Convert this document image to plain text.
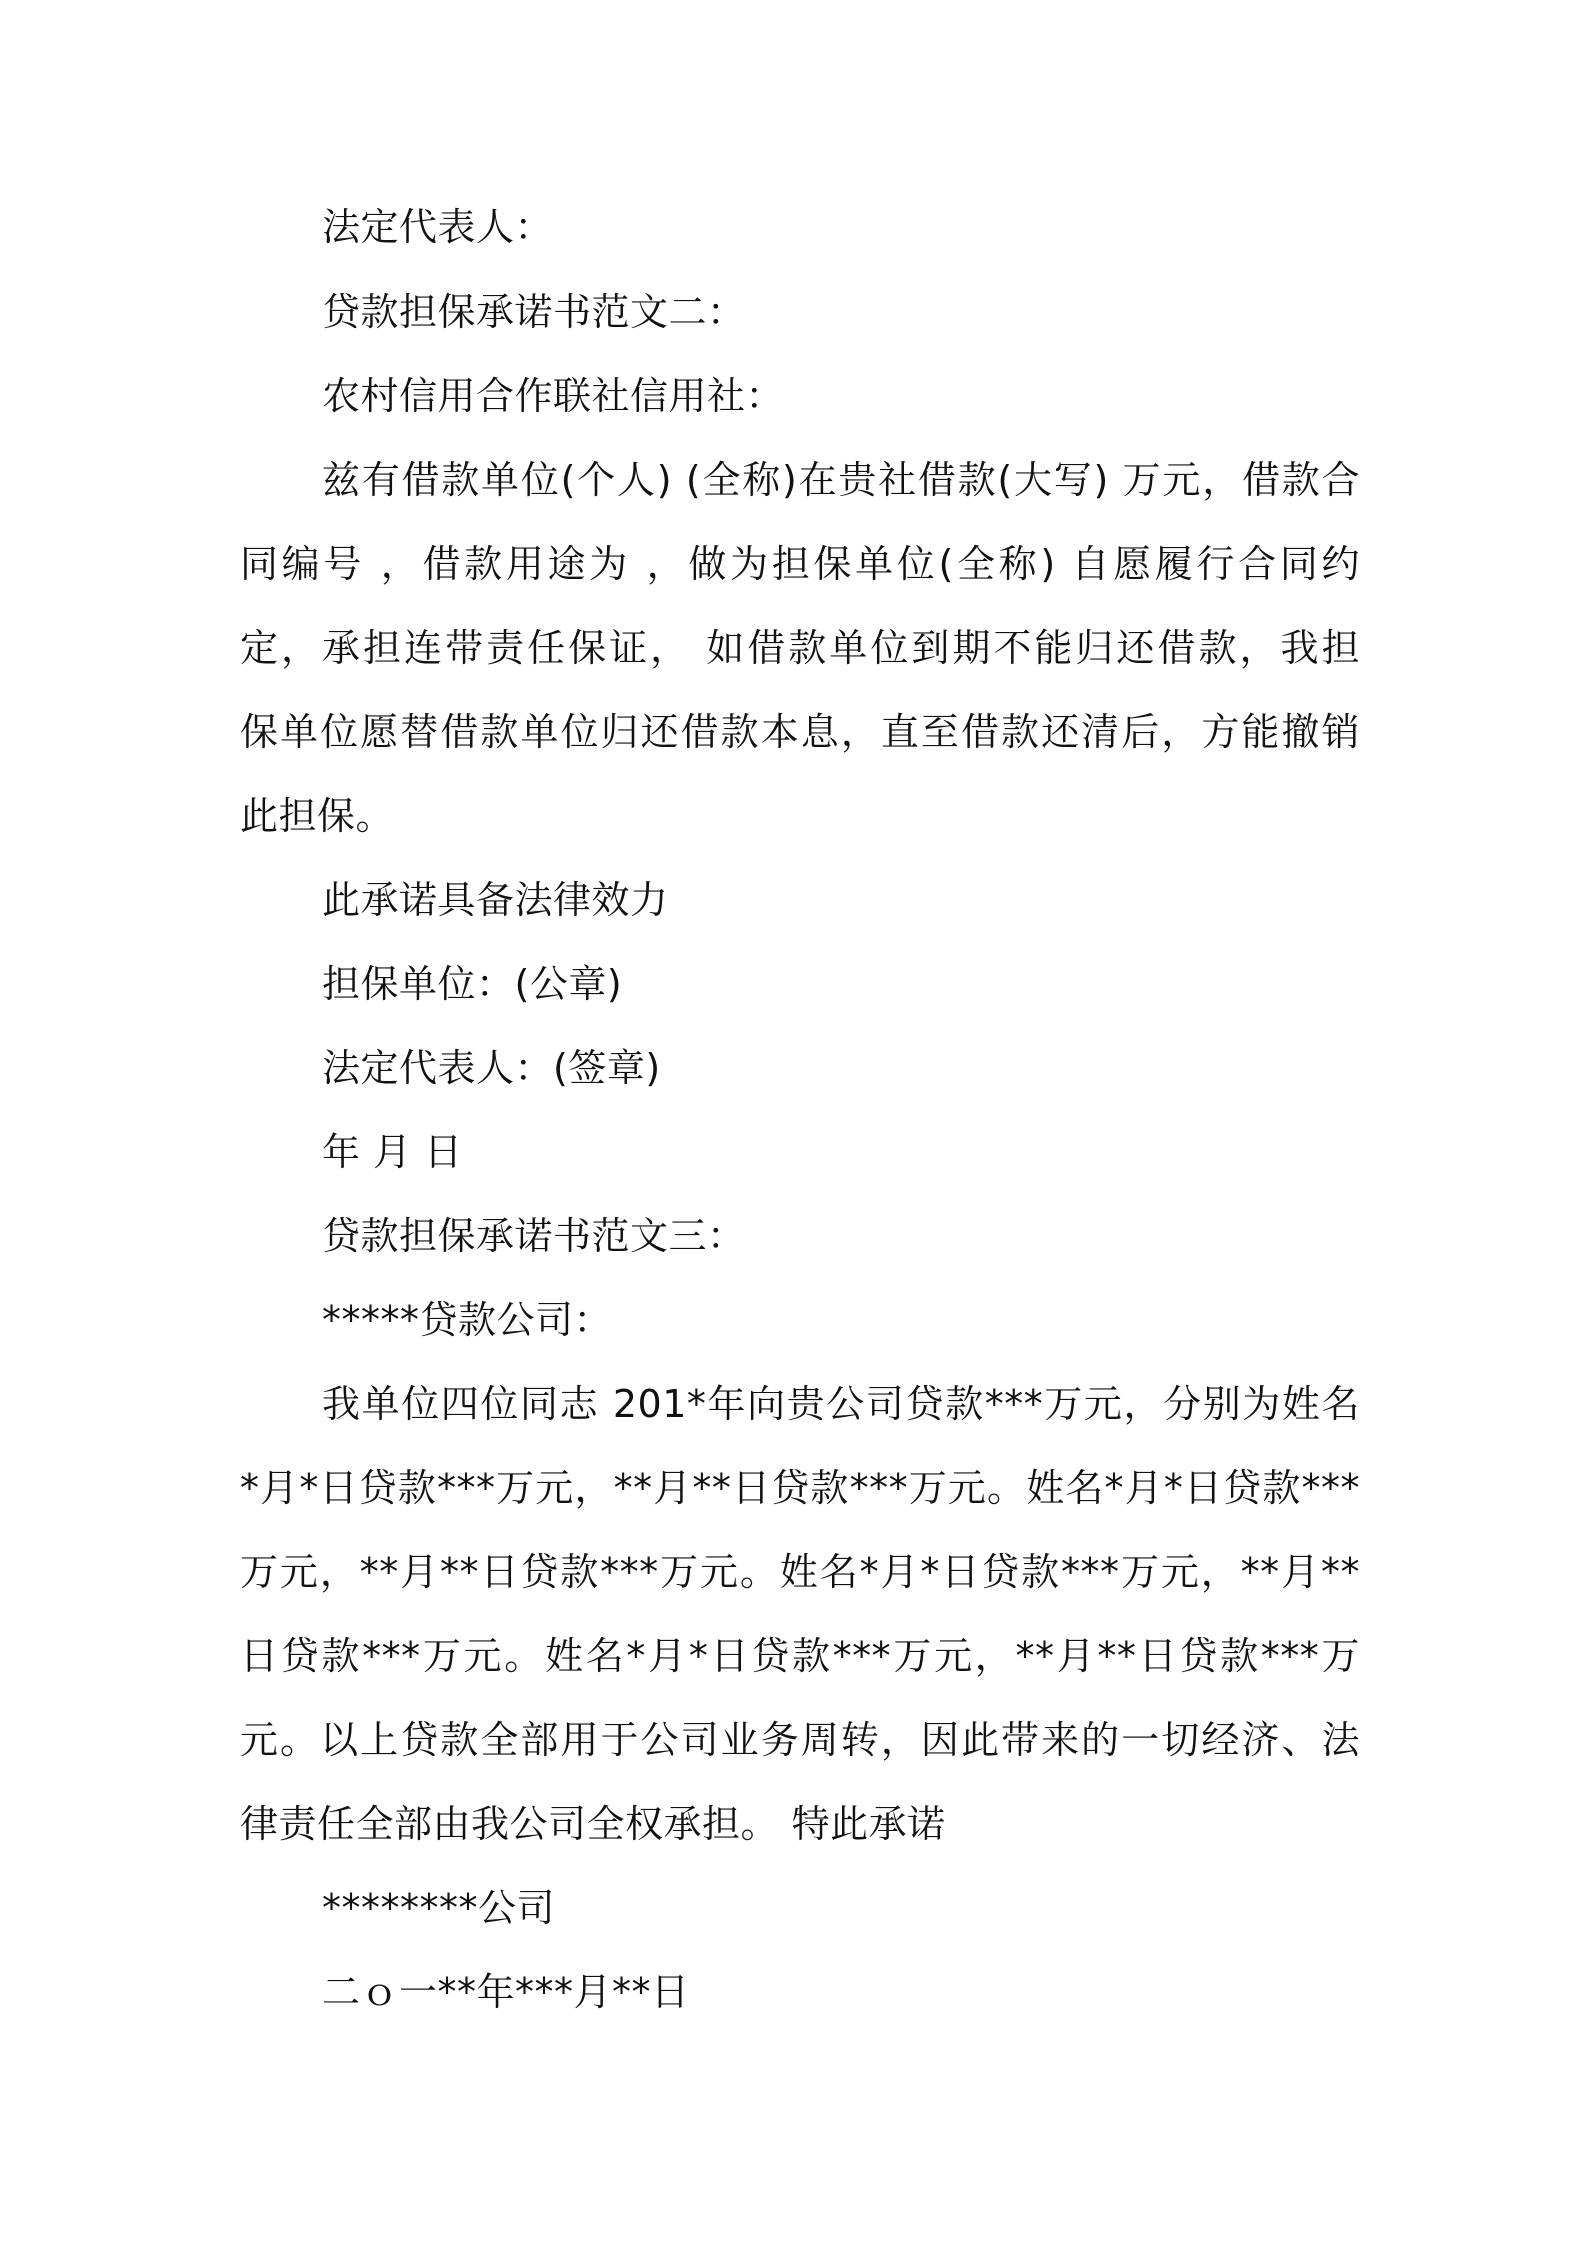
法定代表人：
贷款担保承诺书范文二：
农村信用合作联社信用社：
兹有借款单位(个人) (全称)在贵社借款(大写) 万元，借款合
同编号 ，借款用途为 ，做为担保单位(全称) 自愿履行合同约
定，承担连带责任保证， 如借款单位到期不能归还借款，我担
保单位愿替借款单位归还借款本息，直至借款还清后，方能撤销
此担保。
此承诺具备法律效力
担保单位：(公章)
法定代表人：(签章)
年 月 日
贷款担保承诺书范文三：
*****贷款公司：
我单位四位同志 201*年向贵公司贷款***万元，分别为姓名
*月*日贷款***万元，**月**日贷款***万元。姓名*月*日贷款***
万元，**月**日贷款***万元。姓名*月*日贷款***万元，**月**
日贷款***万元。姓名*月*日贷款***万元，**月**日贷款***万
元。以上贷款全部用于公司业务周转，因此带来的一切经济、法
律责任全部由我公司全权承担。 特此承诺
********公司
二ｏ一**年***月**日
